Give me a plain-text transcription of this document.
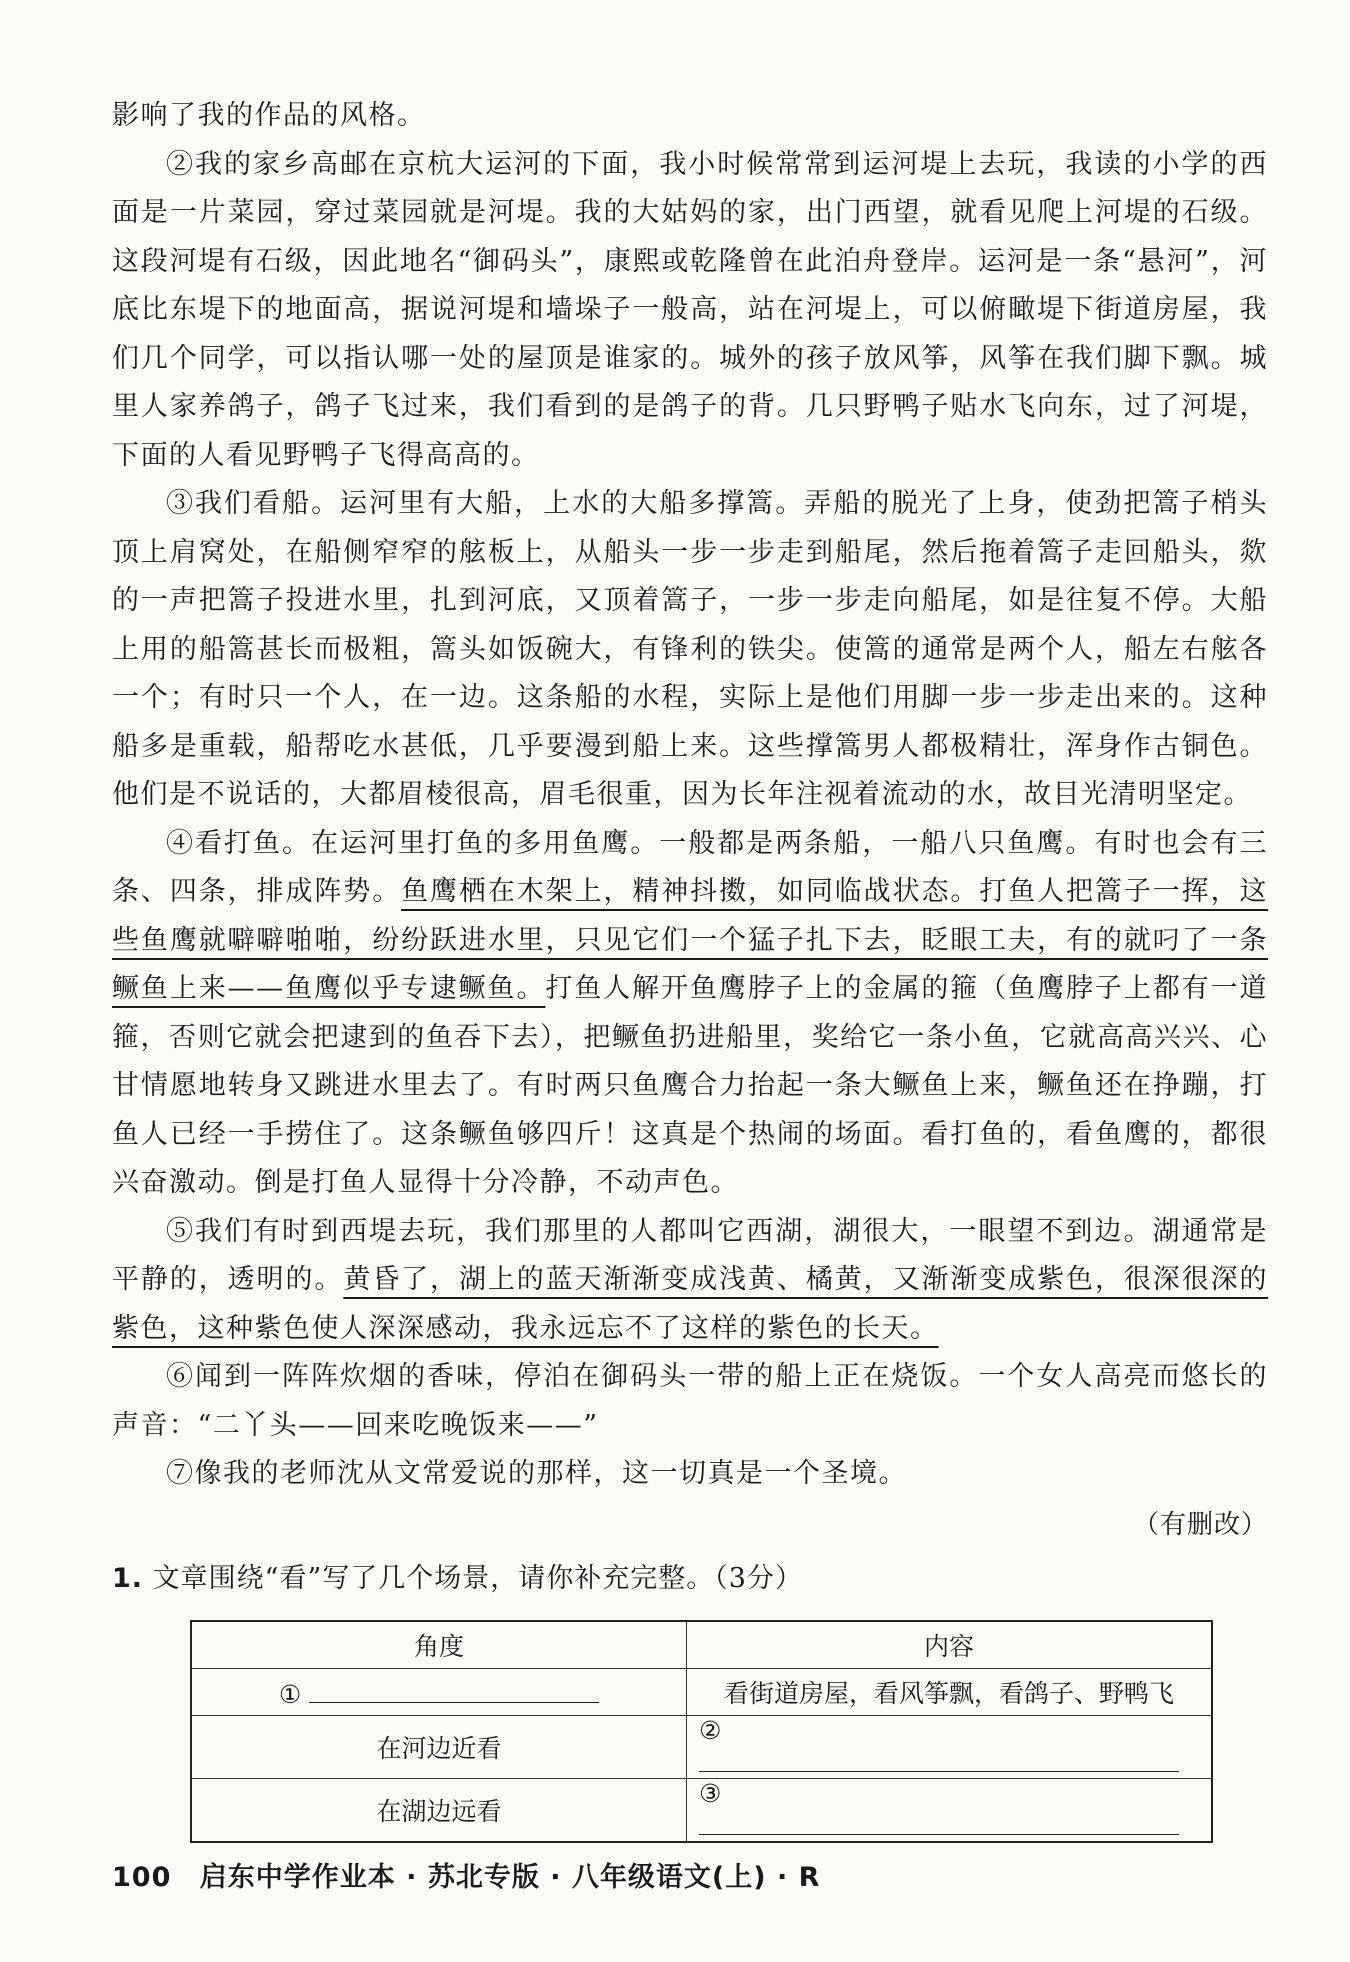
影响了我的作品的风格。

②我的家乡高邮在京杭大运河的下面，我小时候常常到运河堤上去玩，我读的小学的西面是一片菜园，穿过菜园就是河堤。我的大姑妈的家，出门西望，就看见爬上河堤的石级。这段河堤有石级，因此地名“御码头”，康熙或乾隆曾在此泊舟登岸。运河是一条“悬河”，河底比东堤下的地面高，据说河堤和墙垛子一般高，站在河堤上，可以俯瞰堤下街道房屋，我们几个同学，可以指认哪一处的屋顶是谁家的。城外的孩子放风筝，风筝在我们脚下飘。城里人家养鸽子，鸽子飞过来，我们看到的是鸽子的背。几只野鸭子贴水飞向东，过了河堤，下面的人看见野鸭子飞得高高的。

③我们看船。运河里有大船，上水的大船多撑篙。弄船的脱光了上身，使劲把篙子梢头顶上肩窝处，在船侧窄窄的舷板上，从船头一步一步走到船尾，然后拖着篙子走回船头，欻的一声把篙子投进水里，扎到河底，又顶着篙子，一步一步走向船尾，如是往复不停。大船上用的船篙甚长而极粗，篙头如饭碗大，有锋利的铁尖。使篙的通常是两个人，船左右舷各一个；有时只一个人，在一边。这条船的水程，实际上是他们用脚一步一步走出来的。这种船多是重载，船帮吃水甚低，几乎要漫到船上来。这些撑篙男人都极精壮，浑身作古铜色。他们是不说话的，大都眉棱很高，眉毛很重，因为长年注视着流动的水，故目光清明坚定。

④看打鱼。在运河里打鱼的多用鱼鹰。一般都是两条船，一船八只鱼鹰。有时也会有三条、四条，排成阵势。鱼鹰栖在木架上，精神抖擞，如同临战状态。打鱼人把篙子一挥，这些鱼鹰就噼噼啪啪，纷纷跃进水里，只见它们一个猛子扎下去，眨眼工夫，有的就叼了一条鳜鱼上来——鱼鹰似乎专逮鳜鱼。打鱼人解开鱼鹰脖子上的金属的箍（鱼鹰脖子上都有一道箍，否则它就会把逮到的鱼吞下去），把鳜鱼扔进船里，奖给它一条小鱼，它就高高兴兴、心甘情愿地转身又跳进水里去了。有时两只鱼鹰合力抬起一条大鳜鱼上来，鳜鱼还在挣蹦，打鱼人已经一手捞住了。这条鳜鱼够四斤！这真是个热闹的场面。看打鱼的，看鱼鹰的，都很兴奋激动。倒是打鱼人显得十分冷静，不动声色。

⑤我们有时到西堤去玩，我们那里的人都叫它西湖，湖很大，一眼望不到边。湖通常是平静的，透明的。黄昏了，湖上的蓝天渐渐变成浅黄、橘黄，又渐渐变成紫色，很深很深的紫色，这种紫色使人深深感动，我永远忘不了这样的紫色的长天。

⑥闻到一阵阵炊烟的香味，停泊在御码头一带的船上正在烧饭。一个女人高亮而悠长的声音：“二丫头——回来吃晚饭来——”

⑦像我的老师沈从文常爱说的那样，这一切真是一个圣境。

（有删改）
1. 文章围绕“看”写了几个场景，请你补充完整。（3分）
角度	内容
①	看街道房屋，看风筝飘，看鸽子、野鸭飞
在河边近看	②
在湖边远看	③
100 启东中学作业本 · 苏北专版 · 八年级语文(上) · R
